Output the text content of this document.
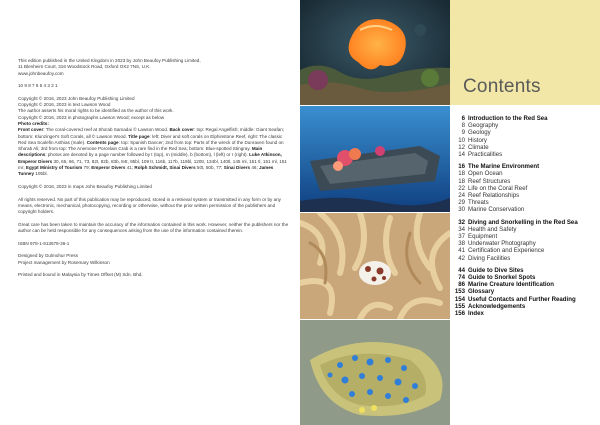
This edition published in the United Kingdom in 2023 by John Beaufoy Publishing Limited,

11 Blenheim Court, 316 Woodstock Road, Oxford OX2 7NS, U.K.

www.johnbeaufoy.com

10 9 8 7 6 5 4 3 2 1

Copyright © 2016, 2023 John Beaufoy Publishing Limited

Copyright © 2016, 2023 in text Lawson Wood

The author asserts his moral rights to be identified as the author of this work.

Copyright © 2016, 2023 in photographs Lawson Wood; except as below

Photo credits:

Front cover: The coral-covered reef at Sha'ab Samadai © Lawson Wood. Back cover: top: Regal Angelfish; middle: Giant Seafan; bottom: Klunzinger's Soft Corals, all © Lawson Wood. Title page: left: Diver and soft corals on Elphinstone Reef, right: The classic Red Sea Scalefin Anthias (male). Contents page: top: Spanish Dancer; 2nd from top: Parts of the wreck of the Dunraven found on Sha'ab Ali; 3rd from top: The Anemone Porcelain Crab is a rare find in the Red Sea; bottom: Blue-spotted Stingray. Main descriptions: photos are denoted by a page number followed by t (top), m (middle), b (bottom), l (left) or r (right). Luke Atkinson, Emperor Divers 30, 65, 66, 71, 73, 82t, 82b, 83b, 84t, 95bl, 109 tr, 116b, 117b, 119bl, 120tr, 134bl, 140tl, 145 ml, 151 tl, 151 ml, 151 mr; Egypt Ministry of Tourism 79; Emperor Divers 41; Rolph Schmidt, Sinai Divers 50t, 50b, 77; Sinai Divers 46; James Tunney 105bl.

Copyright © 2016, 2023 in maps John Beaufoy Publishing Limited

All rights reserved. No part of this publication may be reproduced, stored in a retrieval system or transmitted in any form or by any means, electronic, mechanical, photocopying, recording or otherwise, without the prior written permission of the publishers and copyright holders.

Great care has been taken to maintain the accuracy of the information contained in this work. However, neither the publishers nor the author can be held responsible for any consequences arising from the use of the information contained therein.

ISBN 978-1-913679-36-1

Designed by Gulmohur Press

Project management by Rosemary Wilkinson

Printed and bound in Malaysia by Times Offset (M) Sdn. Bhd.

Contents
6 Introduction to the Red Sea
8 Geography
9 Geology
10 History
12 Climate
14 Practicalities
16 The Marine Environment
18 Open Ocean
18 Reef Structures
22 Life on the Coral Reef
24 Reef Relationships
29 Threats
30 Marine Conservation
32 Diving and Snorkelling in the Red Sea
34 Health and Safety
37 Equipment
38 Underwater Photography
41 Certification and Experience
42 Diving Facilities
44 Guide to Dive Sites
74 Guide to Snorkel Spots
86 Marine Creature Identification
153 Glossary
154 Useful Contacts and Further Reading
155 Acknowledgements
156 Index
